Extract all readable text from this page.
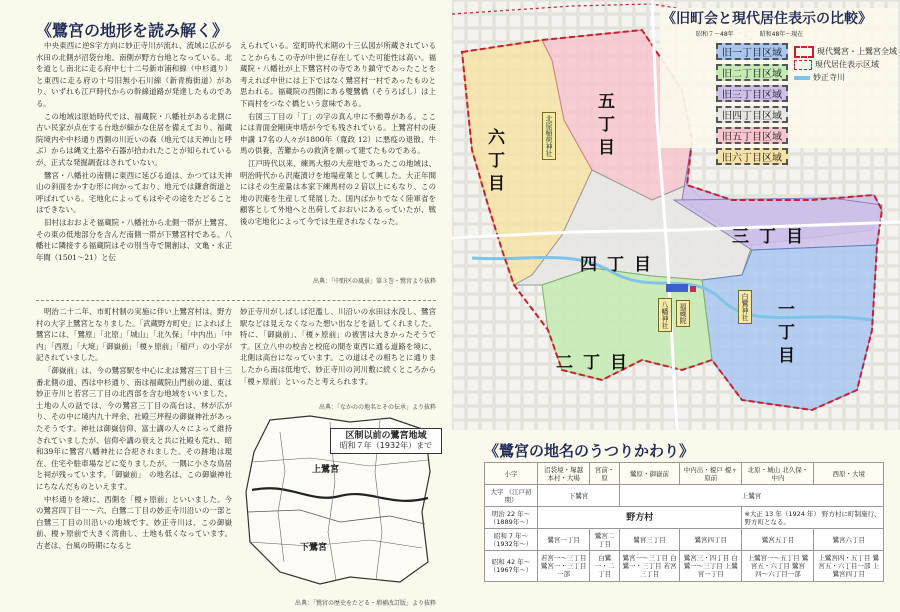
《鷺宮の地形を読み解く》

中央東西に逆S字方向に妙正寺川が流れ、流域に広がる水田の北側が沼袋台地、南側が野方台地となっている。北を道とし南北に走る府中七十二号新市浦和線（中杉通り）と東西に走る府の十号旧無小石川線（新青梅街道）があり、いずれも江戸時代からの幹線道路が発達したものである。

この地域は原始時代では、福蔵院・八幡社がある北側に古い民家が点在する台地が細かな住居を備えており、福蔵院境内や中杉通り西側の川近いの森（地元では天神山と呼ぶ）からは縄文土器や石器が拾われたことが知られているが、正式な発掘調査はされていない。

鷺宮・八幡社の南側に東西に延びる道は、かつては天神山の斜面をかすむ形に向かっており、地元では鎌倉街道と呼ばれている。宅地化によってもはやその途をたどることはできない。

旧村はおおよそ福蔵院・八幡社から北側一帯が上鷺宮、その東の低地部分を含んだ南側一帯が下鷺宮村である。八幡社に隣接する福蔵院はその別当寺で開創は、文亀・永正年間（1501〜21）と伝

えられている。室町時代末期の十三仏図が所蔵されていることからもこの寺が中世に存在していた可能性は高い。福蔵院・八幡社が上下鷺宮村の寺であり鎮守であったことを考えれば中世には上下ではなく鷺宮村一村であったものと思われる。福蔵院の西側にある雙鷺橋（そうろばし）は上下両村をつなぐ橋という意味である。

右図三丁目の「丁」の字の真ん中に不動尊がある。ここには青面金剛庚申塔が今でも残されている。上鷺宮村の庚申講 17名の人々が1800年（寛政 12）に悪疫の退散、牛馬の供養、苦難からの救済を願って建てたものである。

江戸時代以来、練馬大根の大産地であったこの地域は、明治時代から沢庵漬けを地場産業として興した。大正年間にはその生産量は本家下練馬村の２倍以上にもなり、この地の沢庵を生産して発展した。国内ばかりでなく陸軍省を顧客として外地へと出荷しておおいにあるっていたが、戦後の宅地化によって今では生産されなくなった。

出典：「中野区の風景」第３巻・鷺宮より抜粋

明治二十二年、市町村制の実施に伴い上鷺宮村は、野方村の大字上鷺宮となりました。「武蔵野方町史」によれば上鷺宮には、「鷺原」「北原」「城山」「北久保」「中内出」「中内」「西原」「大境」「御嶽前」「榎ヶ原前」「稲戸」の小字が記されていました。

「御嶽前」は、今の鷺宮駅を中心に北は鷺宮三丁目十三番北側の道、西は中杉通り、南は福蔵院山門前の道、東は妙正寺川と若宮三丁目の北西部を含む地域をいいました。土地の人の話では、今の鷺宮三丁目の高台は、林が広がり、その中に境内九十坪余、社殿三坪程の御嶽神社があったそうです。神社は御嶽信仰、富士講の人々によって維持されていましたが、信仰や講の衰えと共に社殿も荒れ、昭和39年に鷺宮八幡神社に合祀されました。その跡地は現在、住宅や駐車場などに変りましたが、一隅に小さな鳥居と祠が残っています。「御嶽前」　の地名は、この御嶽神社にちなんだものといえます。

中杉通りを境に、西側を「榎ヶ原前」といいました。今の鷺宮四丁目一〜六、白鷺二丁目の妙正寺川沿いの一部と白鷺三丁目の川沿いの地域です。妙正寺川は、この御嶽前、榎ヶ原前で大きく湾曲し、土地も低くなっています。古老は、台風の時期になると

妙正寺川がしばしば氾濫し、川沿いの水田は水没し、鷺宮駅などは見えなくなった想い出などを話してくれました。特に、「御嶽前」、「榎ヶ原前」の被害は大きかったそうです。区立八中の校舎と校庭の間を東西に通る道路を境に、北側は高台になっています。この道はその相ちとに通りましたから南は低地で、妙正寺川の河川敷に続くところから「榎ヶ原前」といったと考えられます。

出典：「なかのの地名とその伝承」より抜粋
区制以前の鷺宮地域
昭和７年（1932年）まで
上鷺宮
下鷺宮
出典：「鷺宮の歴史をたどる・増補改訂版」より抜粋
六丁目
五丁目
四丁目
三丁目
一丁目
二丁目
北原稲荷神社
八幡神社	福蔵院	白鷺神社
《旧町会と現代居住表示の比較》
昭和７〜48年	昭和48年〜現在
旧一丁目区域
旧二丁目区域
旧三丁目区域
旧四丁目区域
旧五丁目区域
旧六丁目区域
現代鷺宮・上鷺宮全域
現代居住表示区域
妙正寺川
《鷺宮の地名のうつりかわり》
小字	沼袋境・塚越 本村・大場	宮前・原	鷺原・御嶽前	中内出・榎戸 榎ヶ原前	北原・城山 北久保・中内	西原・大境
大字 （江戸初期）	下鷺宮		上鷺宮			
明治 22 年〜 （1889年〜）	野方村				※大正 13 年（1924 年） 野方村に町制施行、野方町となる。	
昭和 7 年〜 （1932年〜）	鷺宮一丁目	鷺宮二丁目	鷺宮三丁目	鷺宮四丁目	鷺宮五丁目	鷺宮六丁目
昭和 42 年〜 （1967年〜）	若宮一〜三丁目 鷺宮一・三丁目一部	白鷺一・二丁目	鷺宮一〜三丁目 白鷺一・三丁目 若宮三丁目	鷺宮三・四丁目 白鷺一〜三丁目 上鷺宮一丁目	上鷺宮一〜五丁目 鷺宮五・六丁目 鷺宮四〜六丁目一部	上鷺宮四・五丁目 鷺宮五・六丁目一部 上鷺宮四丁目
